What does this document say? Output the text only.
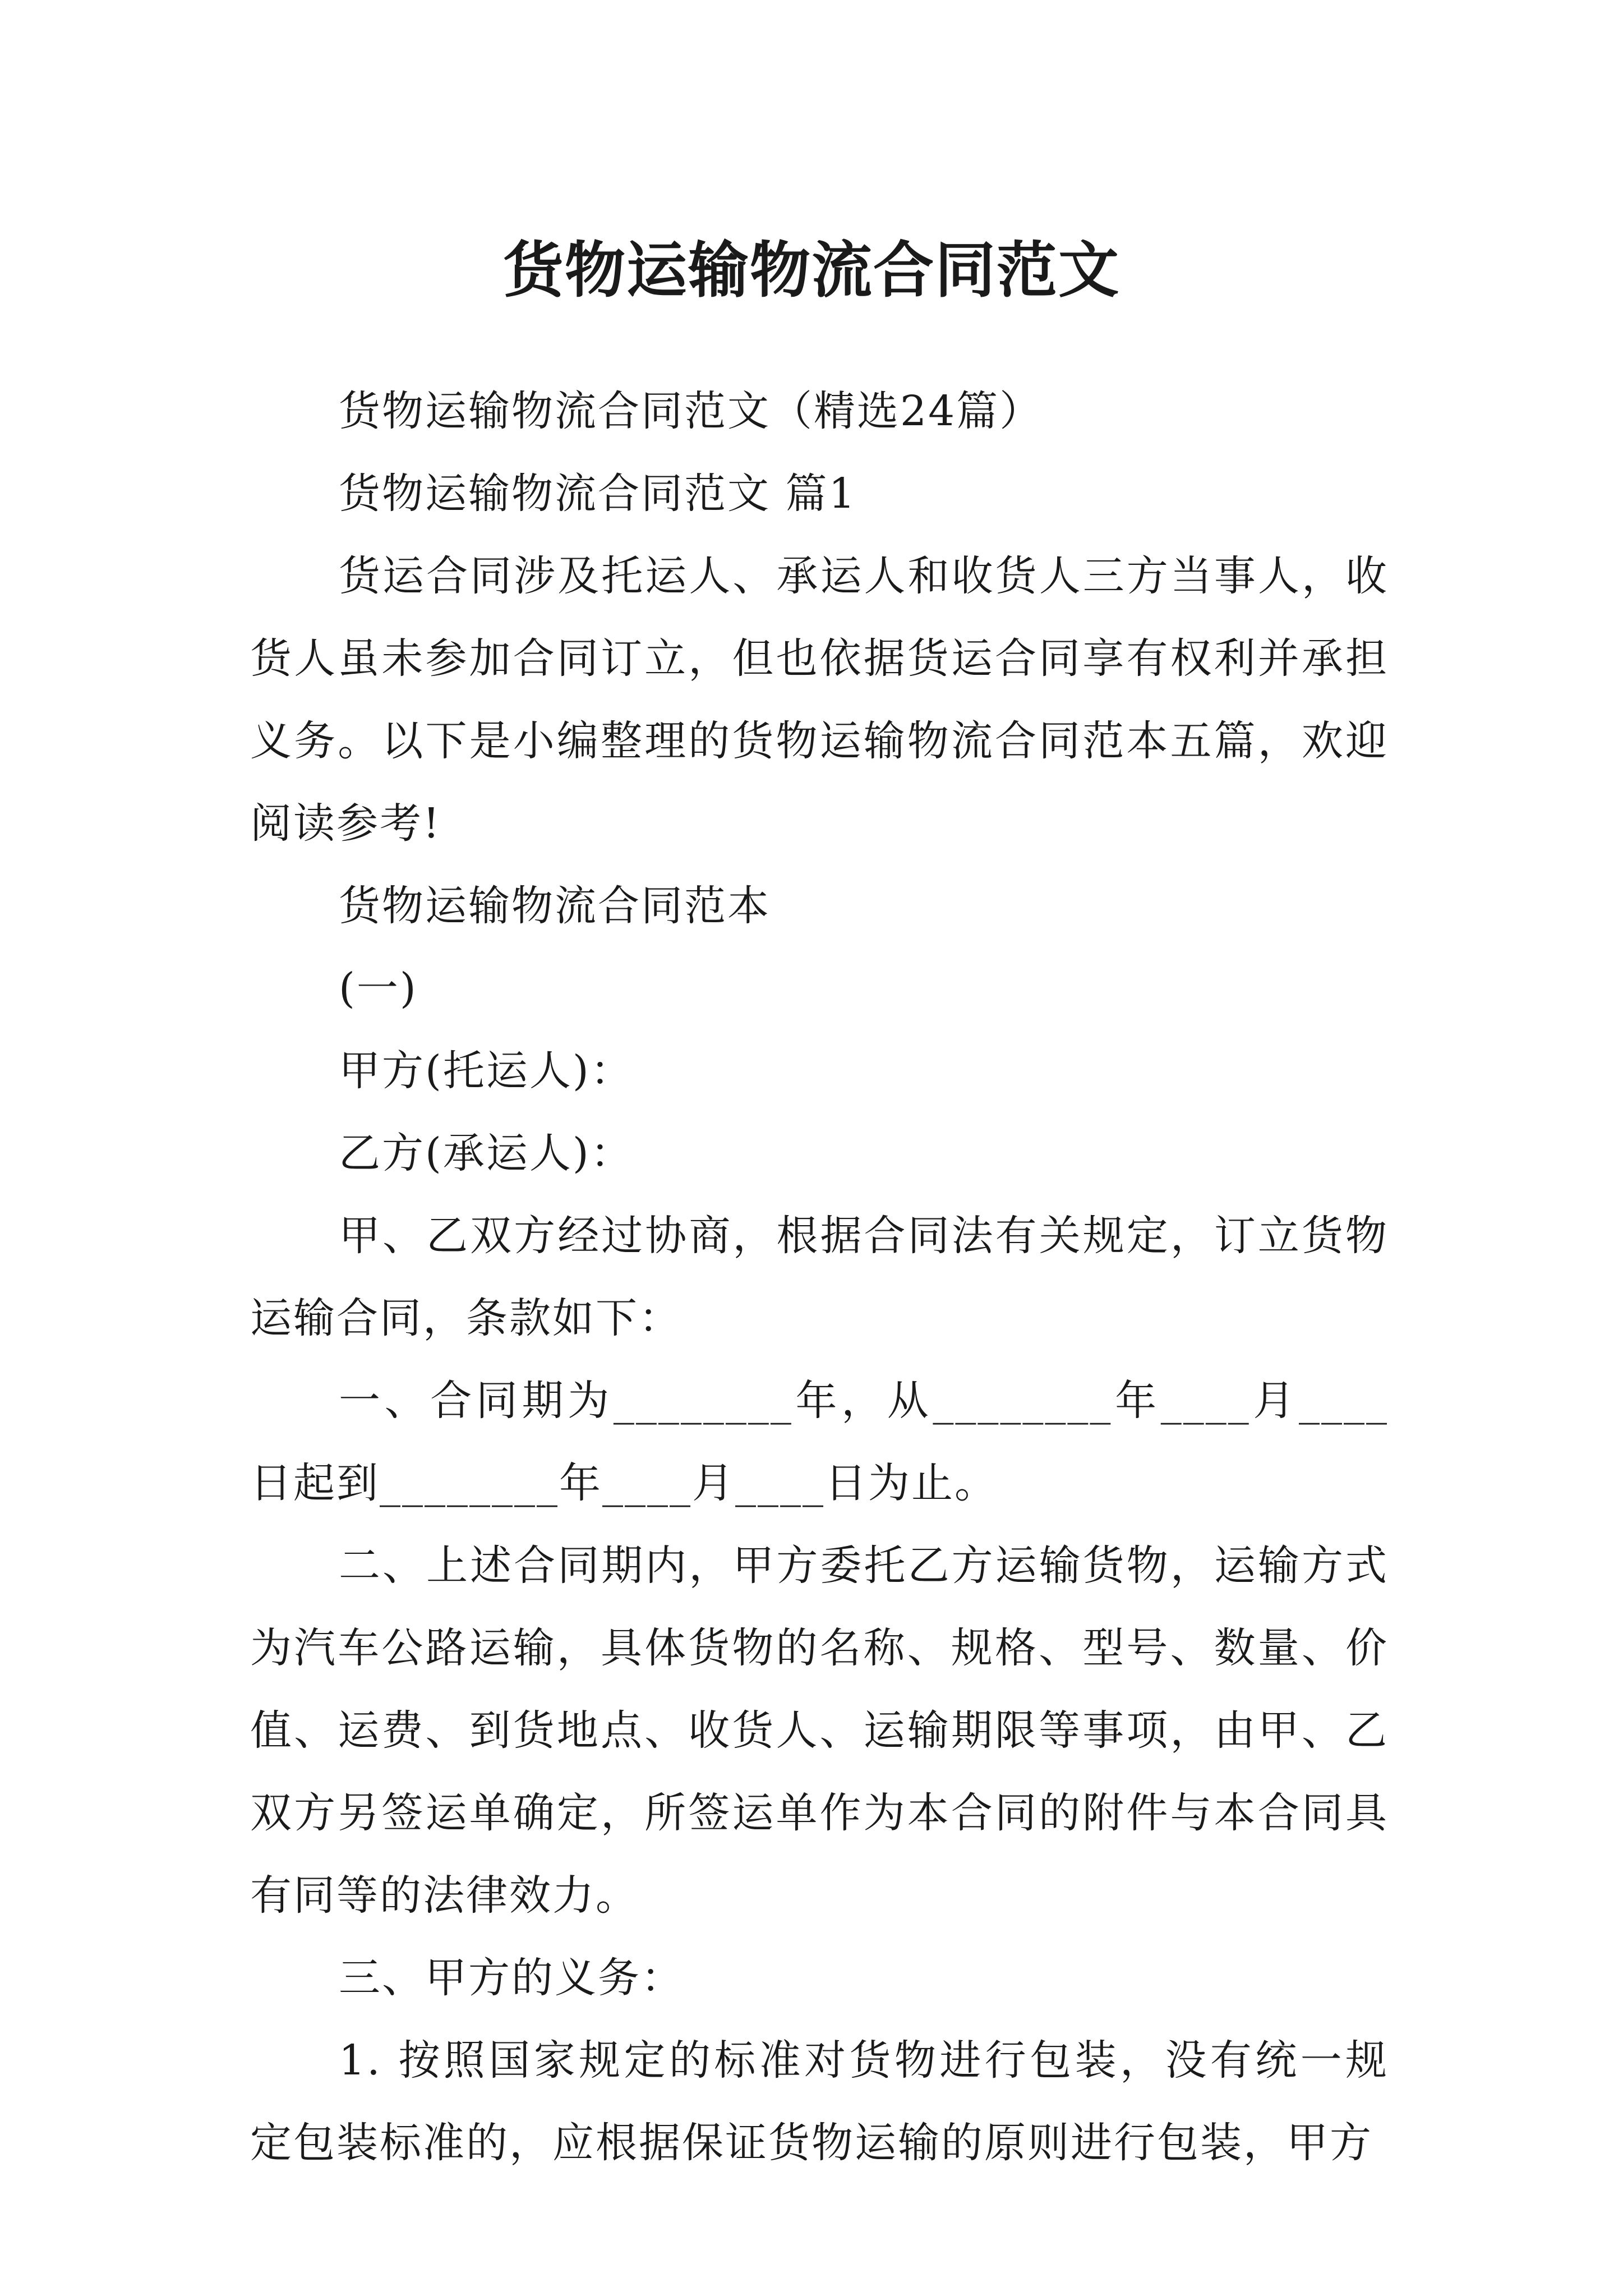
货物运输物流合同范文

货物运输物流合同范文（精选24篇）

货物运输物流合同范文 篇1

货运合同涉及托运人、承运人和收货人三方当事人，收货人虽未参加合同订立，但也依据货运合同享有权利并承担义务。以下是小编整理的货物运输物流合同范本五篇，欢迎阅读参考!

货物运输物流合同范本

(一)

甲方(托运人)：

乙方(承运人)：

甲、乙双方经过协商，根据合同法有关规定，订立货物运输合同，条款如下：

一、合同期为________年，从________年____月____日起到________年____月____日为止。

二、上述合同期内，甲方委托乙方运输货物，运输方式为汽车公路运输，具体货物的名称、规格、型号、数量、价值、运费、到货地点、收货人、运输期限等事项，由甲、乙双方另签运单确定，所签运单作为本合同的附件与本合同具有同等的法律效力。

三、甲方的义务：

1. 按照国家规定的标准对货物进行包装，没有统一规定包装标准的，应根据保证货物运输的原则进行包装，甲方
